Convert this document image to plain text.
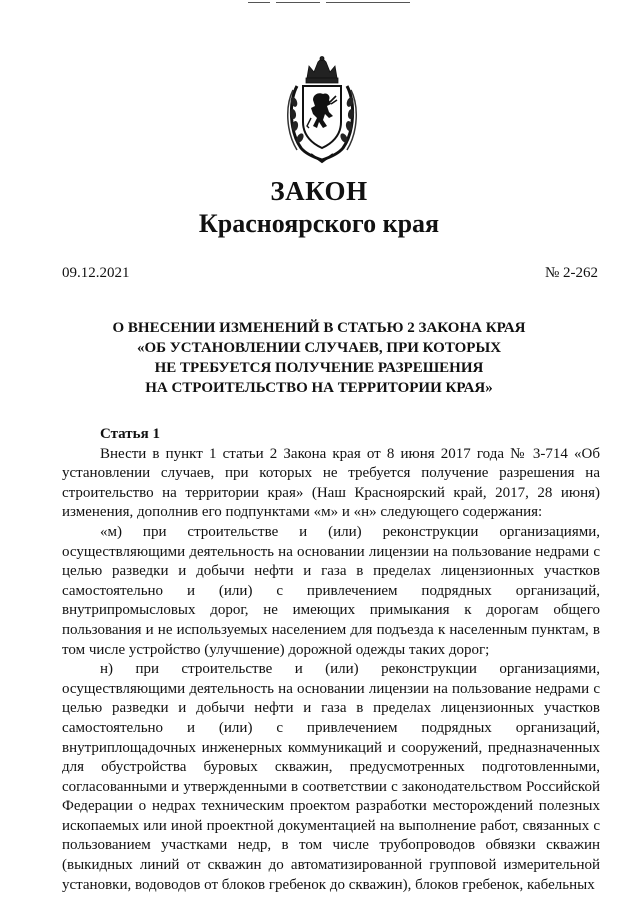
ЗАКОН
Красноярского края
09.12.2021	№ 2-262
О ВНЕСЕНИИ ИЗМЕНЕНИЙ В СТАТЬЮ 2 ЗАКОНА КРАЯ
«ОБ УСТАНОВЛЕНИИ СЛУЧАЕВ, ПРИ КОТОРЫХ
НЕ ТРЕБУЕТСЯ ПОЛУЧЕНИЕ РАЗРЕШЕНИЯ
НА СТРОИТЕЛЬСТВО НА ТЕРРИТОРИИ КРАЯ»
Статья 1

Внести в пункт 1 статьи 2 Закона края от 8 июня 2017 года № 3-714 «Об установлении случаев, при которых не требуется получение разрешения на строительство на территории края» (Наш Красноярский край, 2017, 28 июня) изменения, дополнив его подпунктами «м» и «н» следующего содержания:

«м) при строительстве и (или) реконструкции организациями, осуществляющими деятельность на основании лицензии на пользование недрами с целью разведки и добычи нефти и газа в пределах лицензионных участков самостоятельно и (или) с привлечением подрядных организаций, внутрипромысловых дорог, не имеющих примыкания к дорогам общего пользования и не используемых населением для подъезда к населенным пунктам, в том числе устройство (улучшение) дорожной одежды таких дорог;

н) при строительстве и (или) реконструкции организациями, осуществляющими деятельность на основании лицензии на пользование недрами с целью разведки и добычи нефти и газа в пределах лицензионных участков самостоятельно и (или) с привлечением подрядных организаций, внутриплощадочных инженерных коммуникаций и сооружений, предназначенных для обустройства буровых скважин, предусмотренных подготовленными, согласованными и утвержденными в соответствии с законодательством Российской Федерации о недрах техническим проектом разработки месторождений полезных ископаемых или иной проектной документацией на выполнение работ, связанных с пользованием участками недр, в том числе трубопроводов обвязки скважин (выкидных линий от скважин до автоматизированной групповой измерительной установки, водоводов от блоков гребенок до скважин), блоков гребенок, кабельных
